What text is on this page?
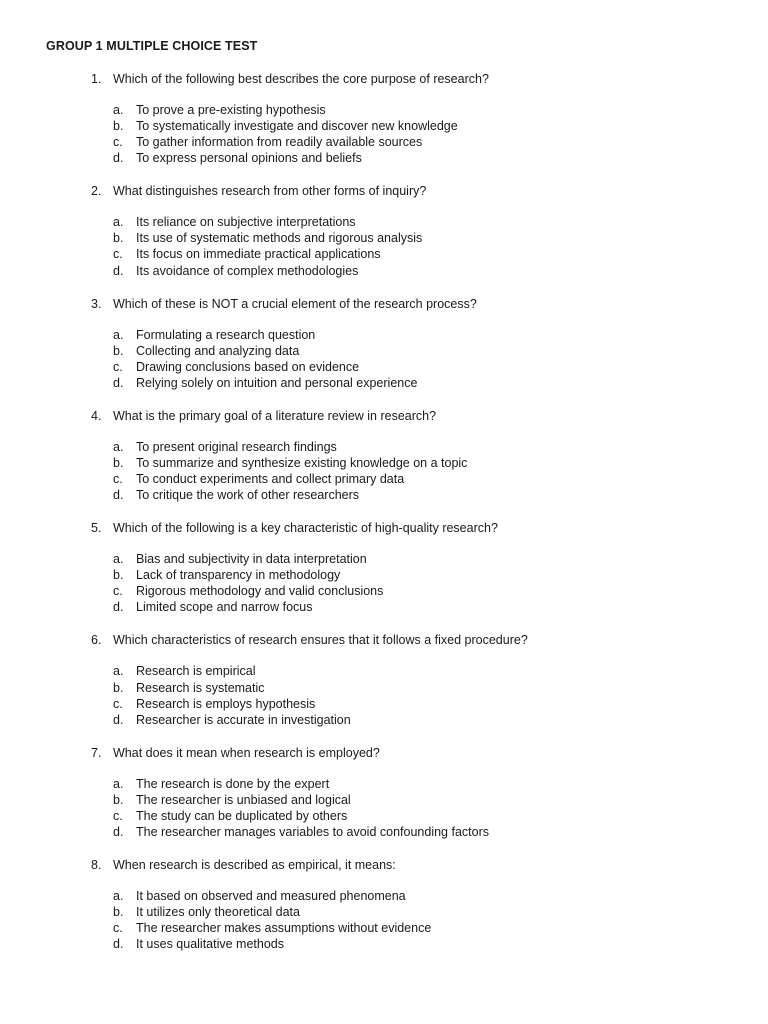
GROUP 1 MULTIPLE CHOICE TEST
1. Which of the following best describes the core purpose of research?
a. To prove a pre-existing hypothesis
b. To systematically investigate and discover new knowledge
c. To gather information from readily available sources
d. To express personal opinions and beliefs
2. What distinguishes research from other forms of inquiry?
a. Its reliance on subjective interpretations
b. Its use of systematic methods and rigorous analysis
c. Its focus on immediate practical applications
d. Its avoidance of complex methodologies
3. Which of these is NOT a crucial element of the research process?
a. Formulating a research question
b. Collecting and analyzing data
c. Drawing conclusions based on evidence
d. Relying solely on intuition and personal experience
4. What is the primary goal of a literature review in research?
a. To present original research findings
b. To summarize and synthesize existing knowledge on a topic
c. To conduct experiments and collect primary data
d. To critique the work of other researchers
5. Which of the following is a key characteristic of high-quality research?
a. Bias and subjectivity in data interpretation
b. Lack of transparency in methodology
c. Rigorous methodology and valid conclusions
d. Limited scope and narrow focus
6. Which characteristics of research ensures that it follows a fixed procedure?
a. Research is empirical
b. Research is systematic
c. Research is employs hypothesis
d. Researcher is accurate in investigation
7. What does it mean when research is employed?
a. The research is done by the expert
b. The researcher is unbiased and logical
c. The study can be duplicated by others
d. The researcher manages variables to avoid confounding factors
8. When research is described as empirical, it means:
a. It based on observed and measured phenomena
b. It utilizes only theoretical data
c. The researcher makes assumptions without evidence
d. It uses qualitative methods
